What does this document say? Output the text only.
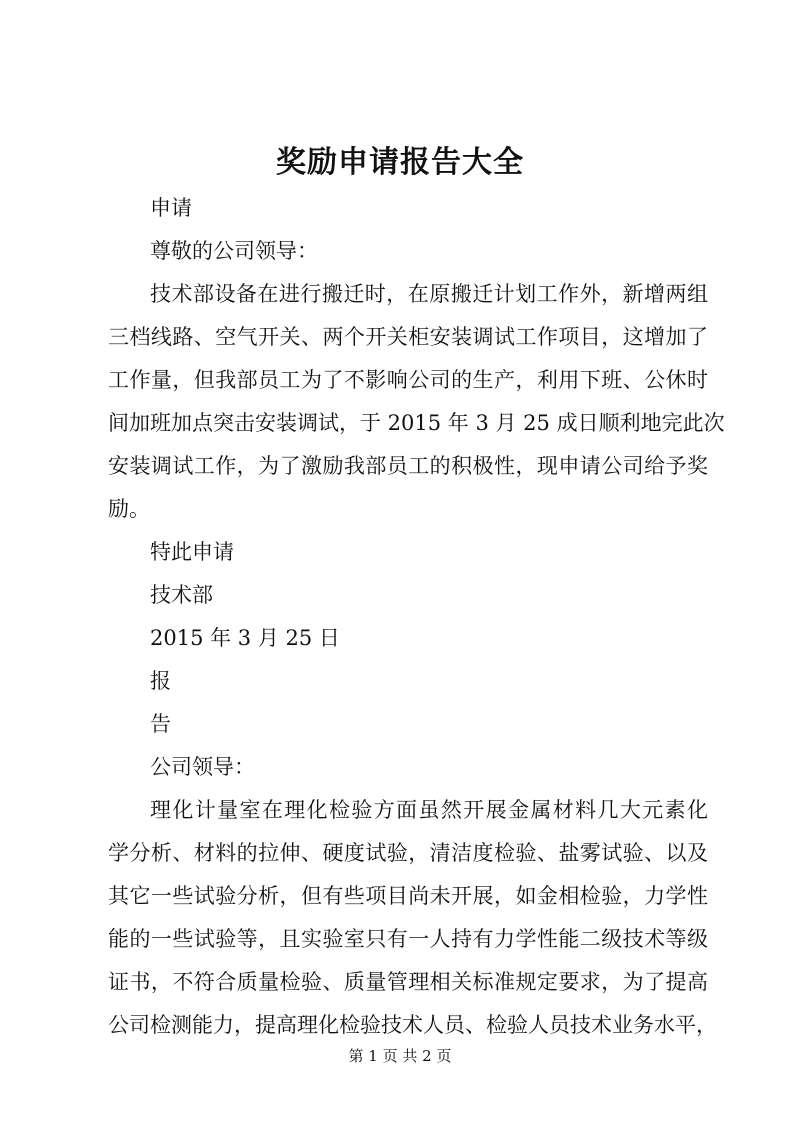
奖励申请报告大全
申请
尊敬的公司领导：
技术部设备在进行搬迁时，在原搬迁计划工作外，新增两组
三档线路、空气开关、两个开关柜安装调试工作项目，这增加了
工作量，但我部员工为了不影响公司的生产，利用下班、公休时
间加班加点突击安装调试，于 2015 年 3 月 25 成日顺利地完此次
安装调试工作，为了激励我部员工的积极性，现申请公司给予奖
励。
特此申请
技术部
2015 年 3 月 25 日
报
告
公司领导：
理化计量室在理化检验方面虽然开展金属材料几大元素化
学分析、材料的拉伸、硬度试验，清洁度检验、盐雾试验、以及
其它一些试验分析，但有些项目尚未开展，如金相检验，力学性
能的一些试验等，且实验室只有一人持有力学性能二级技术等级
证书，不符合质量检验、质量管理相关标准规定要求，为了提高
公司检测能力，提高理化检验技术人员、检验人员技术业务水平，
第 1 页 共 2 页
